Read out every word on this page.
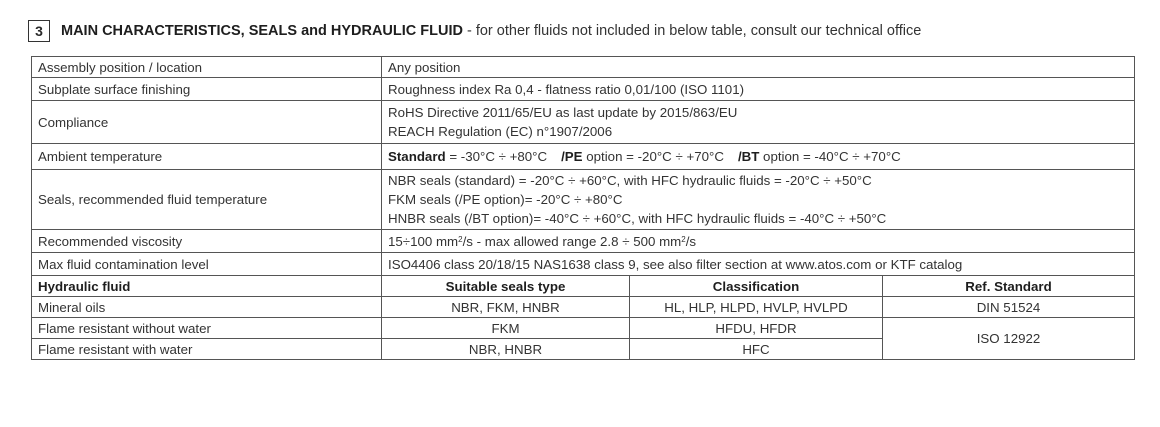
3	MAIN CHARACTERISTICS, SEALS and HYDRAULIC FLUID - for other fluids not included in below table, consult our technical office
Assembly position / location	Any position		
Subplate surface finishing	Roughness index Ra 0,4 - flatness ratio 0,01/100 (ISO 1101)		
Compliance	RoHS Directive 2011/65/EU as last update by 2015/863/EU
REACH Regulation (EC) n°1907/2006		

Ambient temperature	Standard = -30°C ÷ +80°C /PE option = -20°C ÷ +70°C /BT option = -40°C ÷ +70°C		
Seals, recommended fluid temperature	NBR seals (standard) = -20°C ÷ +60°C, with HFC hydraulic fluids = -20°C ÷ +50°C
FKM seals (/PE option)= -20°C ÷ +80°C
HNBR seals (/BT option)= -40°C ÷ +60°C, with HFC hydraulic fluids = -40°C ÷ +50°C		

Recommended viscosity	15÷100 $mm^2/s$ - max allowed range 2.8 ÷ 500 $mm^2/s$		
Max fluid contamination level	ISO4406 class 20/18/15 NAS1638 class 9, see also filter section at www.atos.com or KTF catalog		
Hydraulic fluid	Suitable seals type	Classification	Ref. Standard
Mineral oils	NBR, FKM, HNBR	HL, HLP, HLPD, HVLP, HVLPD	DIN 51524
Flame resistant without water	FKM	HFDU, HFDR	ISO 12922
Flame resistant with water	NBR, HNBR	HFC	
